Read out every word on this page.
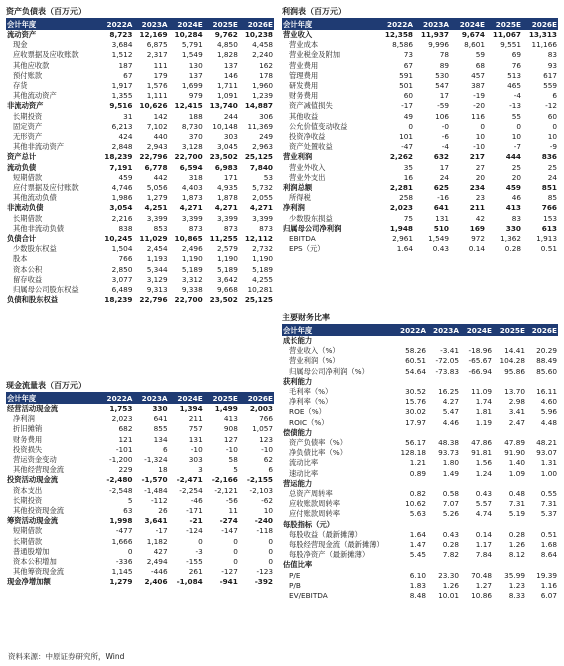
资产负债表（百万元）
会计年度	2022A	2023A	2024E	2025E	2026E
流动资产	8,723	12,169	10,284	9,762	10,238
现金	3,684	6,875	5,791	4,850	4,458
应收票据及应收账款	1,512	2,317	1,549	1,828	2,240
其他应收款	187	111	130	137	162
预付账款	67	179	137	146	178
存货	1,917	1,576	1,699	1,711	1,960
其他流动资产	1,355	1,111	979	1,091	1,239
非流动资产	9,516	10,626	12,415	13,740	14,887
长期投资	31	142	188	244	306
固定资产	6,213	7,102	8,730	10,148	11,369
无形资产	424	440	370	303	249
其他非流动资产	2,848	2,943	3,128	3,045	2,963
资产总计	18,239	22,796	22,700	23,502	25,125
流动负债	7,191	6,778	6,594	6,983	7,840
短期借款	459	442	318	171	53
应付票据及应付账款	4,746	5,056	4,403	4,935	5,732
其他流动负债	1,986	1,279	1,873	1,878	2,055
非流动负债	3,054	4,251	4,271	4,271	4,271
长期借款	2,216	3,399	3,399	3,399	3,399
其他非流动负债	838	853	873	873	873
负债合计	10,245	11,029	10,865	11,255	12,112
少数股东权益	1,504	2,454	2,496	2,579	2,732
股本	766	1,193	1,190	1,190	1,190
资本公积	2,850	5,344	5,189	5,189	5,189
留存收益	3,077	3,129	3,312	3,642	4,255
归属母公司股东权益	6,489	9,313	9,338	9,668	10,281
负债和股东权益	18,239	22,796	22,700	23,502	25,125
利润表（百万元）
会计年度	2022A	2023A	2024E	2025E	2026E
营业收入	12,358	11,937	9,674	11,067	13,313
营业成本	8,586	9,996	8,601	9,551	11,166
营业税金及附加	73	78	59	69	83
营业费用	67	89	68	76	93
管理费用	591	530	457	513	617
研发费用	501	547	387	465	559
财务费用	60	17	-19	-4	6
资产减值损失	-17	-59	-20	-13	-12
其他收益	49	106	116	55	60
公允价值变动收益	0	-0	0	0	0
投资净收益	101	-6	10	10	10
资产处置收益	-47	-4	-10	-7	-9
营业利润	2,262	632	217	444	836
营业外收入	35	17	27	25	25
营业外支出	16	24	20	20	24
利润总额	2,281	625	234	459	851
所得税	258	-16	23	46	85
净利润	2,023	641	211	413	766
少数股东损益	75	131	42	83	153
归属母公司净利润	1,948	510	169	330	613
EBITDA	2,961	1,549	972	1,362	1,913
EPS（元）	1.64	0.43	0.14	0.28	0.51
主要财务比率
会计年度	2022A	2023A	2024E	2025E	2026E
成长能力					
营业收入（%）	58.26	-3.41	-18.96	14.41	20.29
营业利润（%）	60.51	-72.05	-65.67	104.28	88.49
归属母公司净利润（%）	54.64	-73.83	-66.94	95.86	85.60
获利能力					
毛利率（%）	30.52	16.25	11.09	13.70	16.11
净利率（%）	15.76	4.27	1.74	2.98	4.60
ROE（%）	30.02	5.47	1.81	3.41	5.96
ROIC（%）	17.97	4.46	1.19	2.47	4.48
偿债能力					
资产负债率（%）	56.17	48.38	47.86	47.89	48.21
净负债比率（%）	128.18	93.73	91.81	91.90	93.07
流动比率	1.21	1.80	1.56	1.40	1.31
速动比率	0.89	1.49	1.24	1.09	1.00
营运能力					
总资产周转率	0.82	0.58	0.43	0.48	0.55
应收账款周转率	10.62	7.07	5.57	7.31	7.31
应付账款周转率	5.63	5.26	4.74	5.19	5.37
每股指标（元）					
每股收益（最新摊薄）	1.64	0.43	0.14	0.28	0.51
每股经营现金流（最新摊薄）	1.47	0.28	1.17	1.26	1.68
每股净资产（最新摊薄）	5.45	7.82	7.84	8.12	8.64
估值比率					
P/E	6.10	23.30	70.48	35.99	19.39
P/B	1.83	1.26	1.27	1.23	1.16
EV/EBITDA	8.48	10.01	10.86	8.33	6.07
现金流量表（百万元）
会计年度	2022A	2023A	2024E	2025E	2026E
经营活动现金流	1,753	330	1,394	1,499	2,003
净利润	2,023	641	211	413	766
折旧摊销	682	855	757	908	1,057
财务费用	121	134	131	127	123
投资损失	-101	6	-10	-10	-10
营运资金变动	-1,200	-1,324	303	58	62
其他经营现金流	229	18	3	5	6
投资活动现金流	-2,480	-1,570	-2,471	-2,166	-2,155
资本支出	-2,548	-1,484	-2,254	-2,121	-2,103
长期投资	5	-112	-46	-56	-62
其他投资现金流	63	26	-171	11	10
筹资活动现金流	1,998	3,641	-21	-274	-240
短期借款	-477	-17	-124	-147	-118
长期借款	1,666	1,182	0	0	0
普通股增加	0	427	-3	0	0
资本公积增加	-336	2,494	-155	0	0
其他筹资现金流	1,145	-446	261	-127	-123
现金净增加额	1,279	2,406	-1,084	-941	-392
资料来源：中原证券研究所，Wind
